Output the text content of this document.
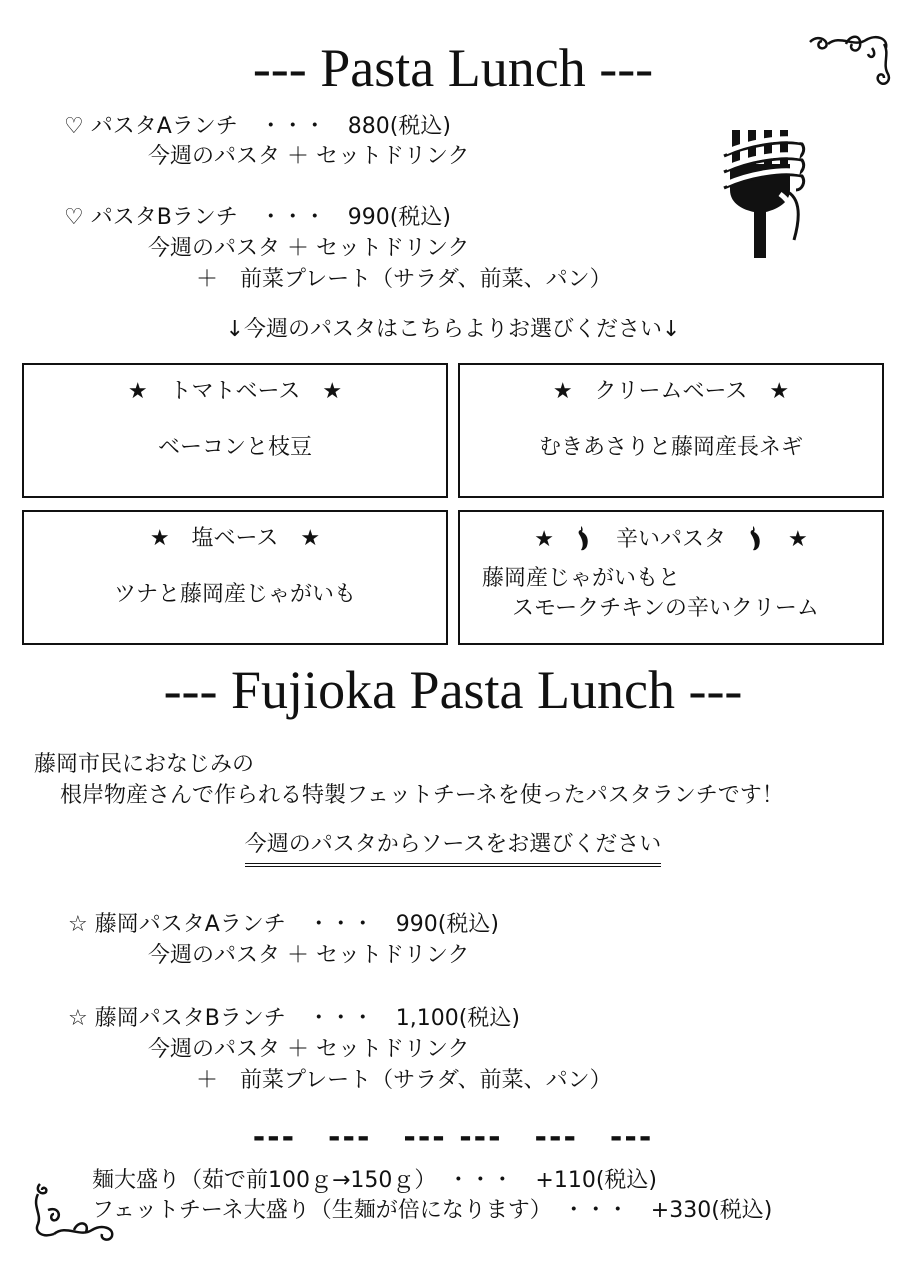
--- Pasta Lunch ---
♡ パスタAランチ　・・・　880(税込)
今週のパスタ ＋ セットドリンク
♡ パスタBランチ　・・・　990(税込)
今週のパスタ ＋ セットドリンク
＋　前菜プレート（サラダ、前菜、パン）
↓今週のパスタはこちらよりお選びください↓
★　トマトベース　★
ベーコンと枝豆
★　クリームベース　★
むきあさりと藤岡産長ネギ
★　塩ベース　★
ツナと藤岡産じゃがいも
★	辛いパスタ	★
藤岡産じゃがいもと
スモークチキンの辛いクリーム
--- Fujioka Pasta Lunch ---
藤岡市民におなじみの
根岸物産さんで作られる特製フェットチーネを使ったパスタランチです！
今週のパスタからソースをお選びください
☆ 藤岡パスタAランチ　・・・　990(税込)
今週のパスタ ＋ セットドリンク
☆ 藤岡パスタBランチ　・・・　1,100(税込)
今週のパスタ ＋ セットドリンク
＋　前菜プレート（サラダ、前菜、パン）
---　---　--- ---　---　---
麺大盛り（茹で前100ｇ→150ｇ）　・・・　+110(税込)
フェットチーネ大盛り（生麺が倍になります）　・・・　+330(税込)
